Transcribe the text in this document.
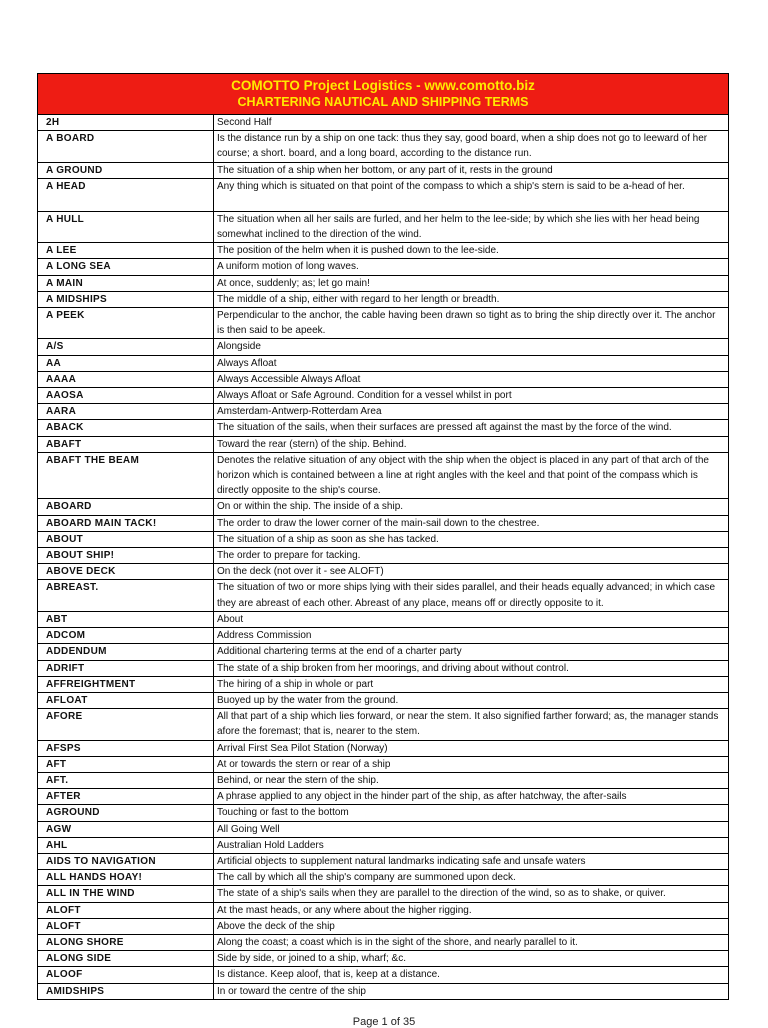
COMOTTO Project Logistics - www.comotto.biz
CHARTERING NAUTICAL AND SHIPPING TERMS
2H	Second Half
A BOARD	Is the distance run by a ship on one tack: thus they say, good board, when a ship does not go to leeward of her course; a short. board, and a long board, according to the distance run.
A GROUND	The situation of a ship when her bottom, or any part of it, rests in the ground
A HEAD	Any thing which is situated on that point of the compass to which a ship's stern is said to be a-head of her.
A HULL	The situation when all her sails are furled, and her helm to the lee-side; by which she lies with her head being somewhat inclined to the direction of the wind.
A LEE	The position of the helm when it is pushed down to the lee-side.
A LONG SEA	A uniform motion of long waves.
A MAIN	At once, suddenly; as; let go main!
A MIDSHIPS	The middle of a ship, either with regard to her length or breadth.
A PEEK	Perpendicular to the anchor, the cable having been drawn so tight as to bring the ship directly over it. The anchor is then said to be apeek.
A/S	Alongside
AA	Always Afloat
AAAA	Always Accessible Always Afloat
AAOSA	Always Afloat or Safe Aground. Condition for a vessel whilst in port
AARA	Amsterdam-Antwerp-Rotterdam Area
ABACK	The situation of the sails, when their surfaces are pressed aft against the mast by the force of the wind.
ABAFT	Toward the rear (stern) of the ship. Behind.
ABAFT THE BEAM	Denotes the relative situation of any object with the ship when the object is placed in any part of that arch of the horizon which is contained between a line at right angles with the keel and that point of the compass which is directly opposite to the ship's course.
ABOARD	On or within the ship. The inside of a ship.
ABOARD MAIN TACK!	The order to draw the lower corner of the main-sail down to the chestree.
ABOUT	The situation of a ship as soon as she has tacked.
ABOUT SHIP!	The order to prepare for tacking.
ABOVE DECK	On the deck (not over it - see ALOFT)
ABREAST.	The situation of two or more ships lying with their sides parallel, and their heads equally advanced; in which case they are abreast of each other. Abreast of any place, means off or directly opposite to it.
ABT	About
ADCOM	Address Commission
ADDENDUM	Additional chartering terms at the end of a charter party
ADRIFT	The state of a ship broken from her moorings, and driving about without control.
AFFREIGHTMENT	The hiring of a ship in whole or part
AFLOAT	Buoyed up by the water from the ground.
AFORE	All that part of a ship which lies forward, or near the stem. It also signified farther forward; as, the manager stands afore the foremast; that is, nearer to the stem.
AFSPS	Arrival First Sea Pilot Station (Norway)
AFT	At or towards the stern or rear of a ship
AFT.	Behind, or near the stern of the ship.
AFTER	A phrase applied to any object in the hinder part of the ship, as after hatchway, the after-sails
AGROUND	Touching or fast to the bottom
AGW	All Going Well
AHL	Australian Hold Ladders
AIDS TO NAVIGATION	Artificial objects to supplement natural landmarks indicating safe and unsafe waters
ALL HANDS HOAY!	The call by which all the ship's company are summoned upon deck.
ALL IN THE WIND	The state of a ship's sails when they are parallel to the direction of the wind, so as to shake, or quiver.
ALOFT	At the mast heads, or any where about the higher rigging.
ALOFT	Above the deck of the ship
ALONG SHORE	Along the coast; a coast which is in the sight of the shore, and nearly parallel to it.
ALONG SIDE	Side by side, or joined to a ship, wharf; &c.
ALOOF	Is distance. Keep aloof, that is, keep at a distance.
AMIDSHIPS	In or toward the centre of the ship
Page 1 of 35
